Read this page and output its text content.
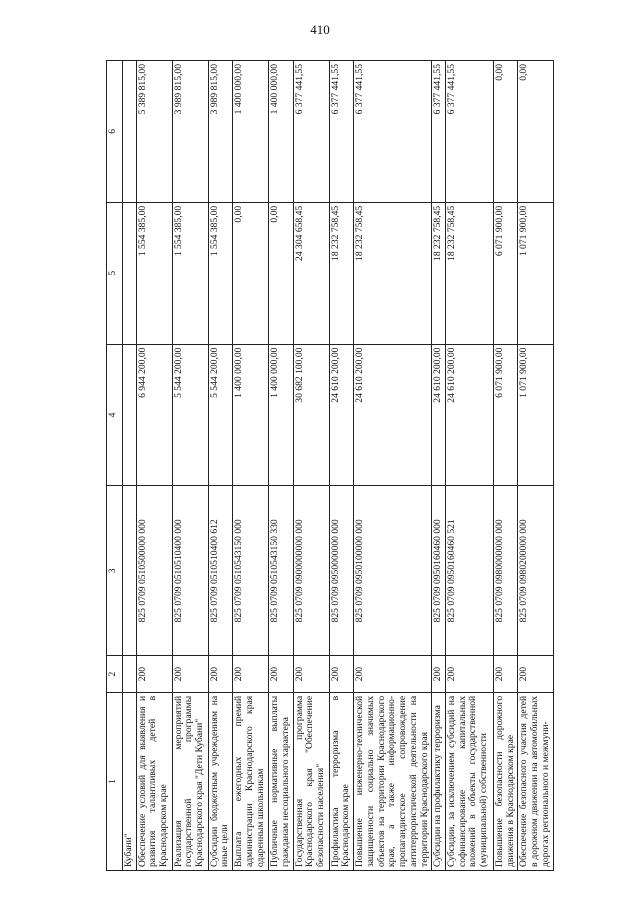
410
1	2	3	4	5	6
Кубани"					
Обеспечение условий для выявления и развития талантливых детей в Краснодарском крае	200	825 0709 0510500000 000	6 944 200,00	1 554 385,00	5 389 815,00

Реализация мероприятий государственной программы Краснодарского края "Дети Кубани"	200	825 0709 0510510400 000	5 544 200,00	1 554 385,00	3 989 815,00

Субсидии бюджетным учреждениям на иные цели	200	825 0709 0510510400 612	5 544 200,00	1 554 385,00	3 989 815,00

Выплата ежегодных премий администрации Краснодарского края одаренным школьникам	200	825 0709 0510543150 000	1 400 000,00	0,00	1 400 000,00

Публичные нормативные выплаты гражданам несоциального характера	200	825 0709 0510543150 330	1 400 000,00	0,00	1 400 000,00

Государственная программа Краснодарского края "Обеспечение безопасности населения"	200	825 0709 0900000000 000	30 682 100,00	24 304 658,45	6 377 441,55

Профилактика терроризма в Краснодарском крае	200	825 0709 0950000000 000	24 610 200,00	18 232 758,45	6 377 441,55

Повышение инженерно-технической защищенности социально значимых объектов на территории Краснодарского края, а также информационно-пропагандистское сопровождение антитеррористической деятельности на территории Краснодарского края	200	825 0709 0950100000 000	24 610 200,00	18 232 758,45	6 377 441,55

Субсидии на профилактику терроризма	200	825 0709 0950160460 000	24 610 200,00	18 232 758,45	6 377 441,55

Субсидии, за исключением субсидий на софинансирование капитальных вложений в объекты государственной (муниципальной) собственности	200	825 0709 0950160460 521	24 610 200,00	18 232 758,45	6 377 441,55

Повышение безопасности дорожного движения в Краснодарском крае	200	825 0709 0980000000 000	6 071 900,00	6 071 900,00	0,00

Обеспечение безопасного участия детей в дорожном движении на автомобильных дорогах регионального и межмуни-	200	825 0709 0980200000 000	1 071 900,00	1 071 900,00	0,00
